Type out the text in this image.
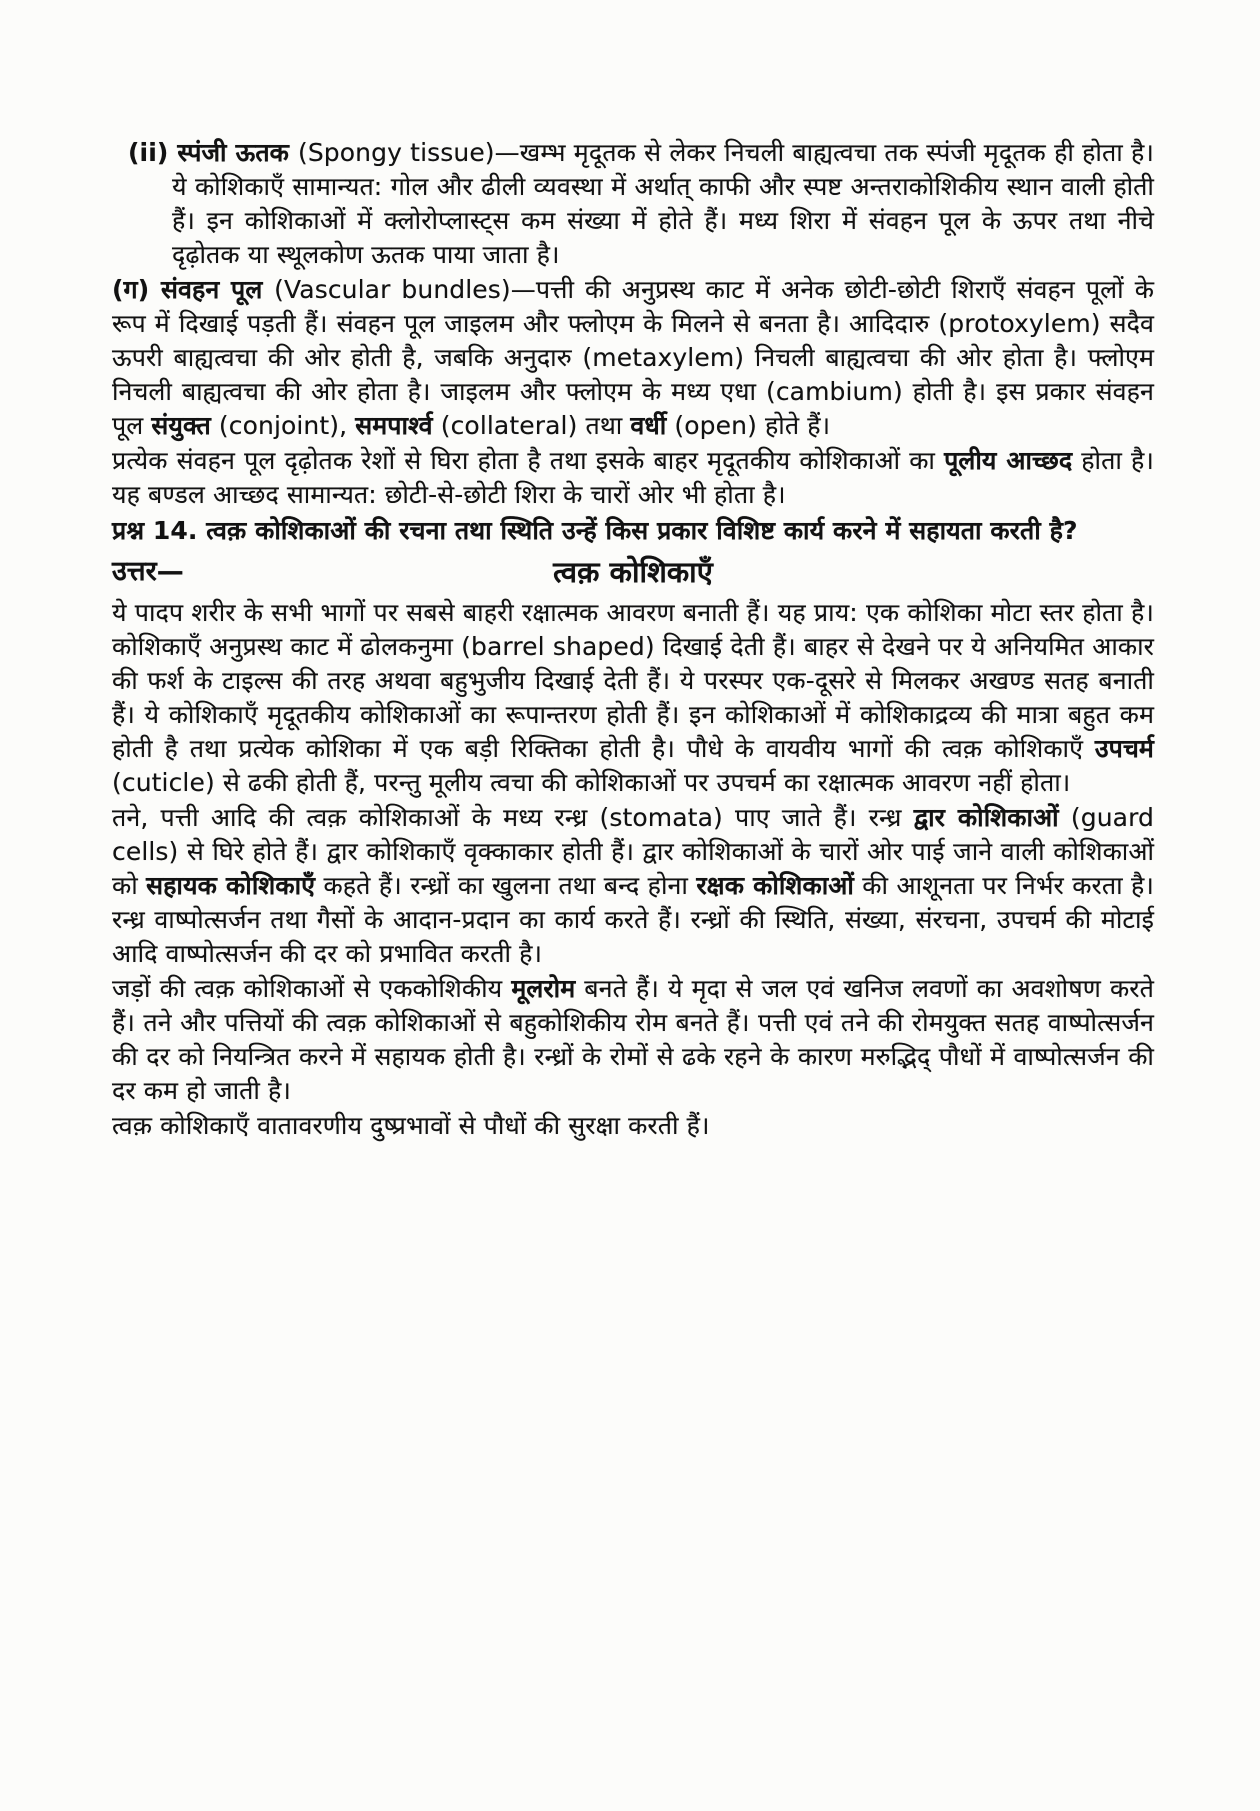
(ii) स्पंजी ऊतक (Spongy tissue)—खम्भ मृदूतक से लेकर निचली बाह्यत्वचा तक स्पंजी मृदूतक ही होता है। ये कोशिकाएँ सामान्यत: गोल और ढीली व्यवस्था में अर्थात् काफी और स्पष्ट अन्तराकोशिकीय स्थान वाली होती हैं। इन कोशिकाओं में क्लोरोप्लास्ट्स कम संख्या में होते हैं। मध्य शिरा में संवहन पूल के ऊपर तथा नीचे दृढ़ोतक या स्थूलकोण ऊतक पाया जाता है।

(ग) संवहन पूल (Vascular bundles)—पत्ती की अनुप्रस्थ काट में अनेक छोटी-छोटी शिराएँ संवहन पूलों के रूप में दिखाई पड़ती हैं। संवहन पूल जाइलम और फ्लोएम के मिलने से बनता है। आदिदारु (protoxylem) सदैव ऊपरी बाह्यत्वचा की ओर होती है, जबकि अनुदारु (metaxylem) निचली बाह्यत्वचा की ओर होता है। फ्लोएम निचली बाह्यत्वचा की ओर होता है। जाइलम और फ्लोएम के मध्य एधा (cambium) होती है। इस प्रकार संवहन पूल संयुक्त (conjoint), समपार्श्व (collateral) तथा वर्धी (open) होते हैं।

प्रत्येक संवहन पूल दृढ़ोतक रेशों से घिरा होता है तथा इसके बाहर मृदूतकीय कोशिकाओं का पूलीय आच्छद होता है। यह बण्डल आच्छद सामान्यत: छोटी-से-छोटी शिरा के चारों ओर भी होता है।

प्रश्न 14. त्वक़ कोशिकाओं की रचना तथा स्थिति उन्हें किस प्रकार विशिष्ट कार्य करने में सहायता करती है?

उत्तर—	त्वक़ कोशिकाएँ

ये पादप शरीर के सभी भागों पर सबसे बाहरी रक्षात्मक आवरण बनाती हैं। यह प्राय: एक कोशिका मोटा स्तर होता है। कोशिकाएँ अनुप्रस्थ काट में ढोलकनुमा (barrel shaped) दिखाई देती हैं। बाहर से देखने पर ये अनियमित आकार की फर्श के टाइल्स की तरह अथवा बहुभुजीय दिखाई देती हैं। ये परस्पर एक-दूसरे से मिलकर अखण्ड सतह बनाती हैं। ये कोशिकाएँ मृदूतकीय कोशिकाओं का रूपान्तरण होती हैं। इन कोशिकाओं में कोशिकाद्रव्य की मात्रा बहुत कम होती है तथा प्रत्येक कोशिका में एक बड़ी रिक्तिका होती है। पौधे के वायवीय भागों की त्वक़ कोशिकाएँ उपचर्म (cuticle) से ढकी होती हैं, परन्तु मूलीय त्वचा की कोशिकाओं पर उपचर्म का रक्षात्मक आवरण नहीं होता।

तने, पत्ती आदि की त्वक़ कोशिकाओं के मध्य रन्ध्र (stomata) पाए जाते हैं। रन्ध्र द्वार कोशिकाओं (guard cells) से घिरे होते हैं। द्वार कोशिकाएँ वृक्काकार होती हैं। द्वार कोशिकाओं के चारों ओर पाई जाने वाली कोशिकाओं को सहायक कोशिकाएँ कहते हैं। रन्ध्रों का खुलना तथा बन्द होना रक्षक कोशिकाओं की आशूनता पर निर्भर करता है। रन्ध्र वाष्पोत्सर्जन तथा गैसों के आदान-प्रदान का कार्य करते हैं। रन्ध्रों की स्थिति, संख्या, संरचना, उपचर्म की मोटाई आदि वाष्पोत्सर्जन की दर को प्रभावित करती है।

जड़ों की त्वक़ कोशिकाओं से एककोशिकीय मूलरोम बनते हैं। ये मृदा से जल एवं खनिज लवणों का अवशोषण करते हैं। तने और पत्तियों की त्वक़ कोशिकाओं से बहुकोशिकीय रोम बनते हैं। पत्ती एवं तने की रोमयुक्त सतह वाष्पोत्सर्जन की दर को नियन्त्रित करने में सहायक होती है। रन्ध्रों के रोमों से ढके रहने के कारण मरुद्भिद् पौधों में वाष्पोत्सर्जन की दर कम हो जाती है।

त्वक़ कोशिकाएँ वातावरणीय दुष्प्रभावों से पौधों की सुरक्षा करती हैं।
